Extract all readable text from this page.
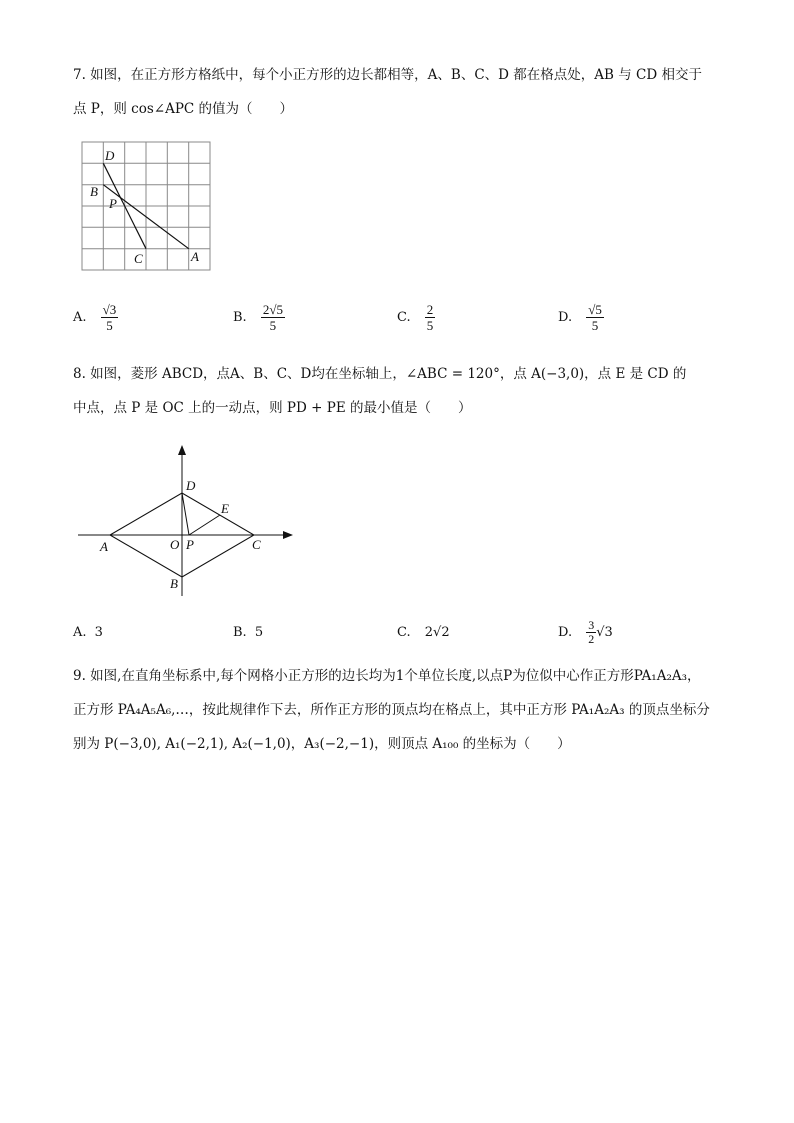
7. 如图，在正方形方格纸中，每个小正方形的边长都相等，A、B、C、D 都在格点处，AB 与 CD 相交于

点 P，则 cos∠APC 的值为（　　）

D
B
P
C	A
A. $\frac{√3}{5}$	B. $\frac{2√5}{5}$	C. $\frac{2}{5}$	D. $\frac{√5}{5}$

8. 如图，菱形 ABCD，点A、B、C、D均在坐标轴上，∠ABC = 120°，点 A(−3,0)，点 E 是 CD 的

中点，点 P 是 OC 上的一动点，则 PD + PE 的最小值是（　　）

D
E
A	O P	C
B
A. 3	B. 5	C. 2√2	D. $\frac{3}{2} √3$

9. 如图,在直角坐标系中,每个网格小正方形的边长均为1个单位长度,以点P为位似中心作正方形PA₁A₂A₃，

正方形 PA₄A₅A₆,…，按此规律作下去，所作正方形的顶点均在格点上，其中正方形 PA₁A₂A₃ 的顶点坐标分

别为 P(−3,0), A₁(−2,1), A₂(−1,0)，A₃(−2,−1)，则顶点 A₁₀₀ 的坐标为（　　）
